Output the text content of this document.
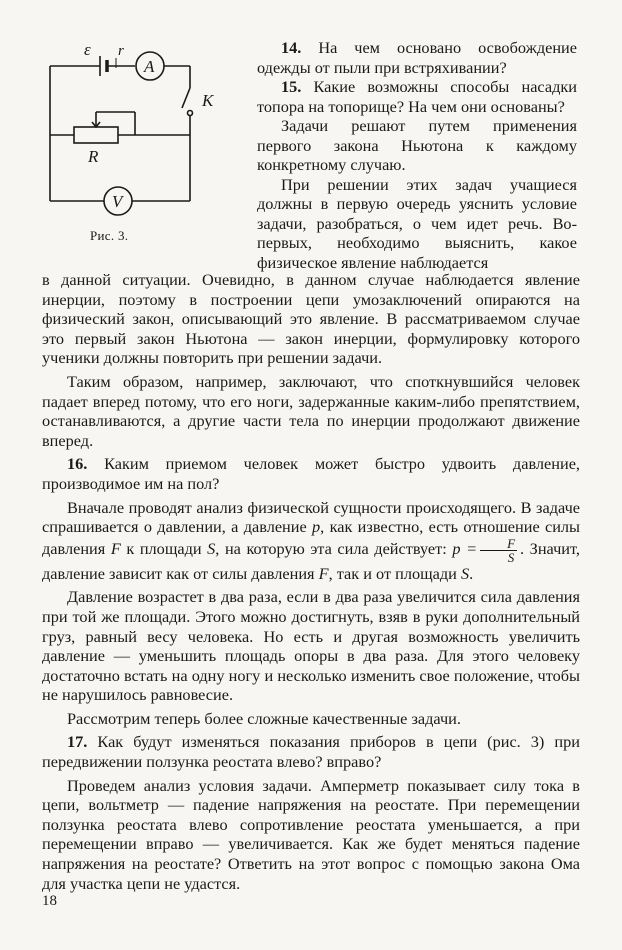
ε r
A
V
R
K
Рис. 3.

14. На чем основано освобождение одежды от пыли при встряхивании?

15. Какие возможны способы насадки топора на топорище? На чем они основаны?

Задачи решают путем применения первого закона Ньютона к каждому конкретному случаю.

При решении этих задач учащиеся должны в первую очередь уяснить условие задачи, разобраться, о чем идет речь. Во-первых, необходимо выяснить, какое физическое явление наблюдается

в данной ситуации. Очевидно, в данном случае наблюдается явление инерции, поэтому в построении цепи умозаключений опираются на физический закон, описывающий это явление. В рассматриваемом случае это первый закон Ньютона — закон инерции, формулировку которого ученики должны повторить при решении задачи.

Таким образом, например, заключают, что споткнувшийся человек падает вперед потому, что его ноги, задержанные каким-либо препятствием, останавливаются, а другие части тела по инерции продолжают движение вперед.

16. Каким приемом человек может быстро удвоить давление, производимое им на пол?

Вначале проводят анализ физической сущности происходящего. В задаче спрашивается о давлении, а давление p, как известно, есть отношение силы давления F к площади S, на которую эта сила действует: $p = \frac{F}{S}$ . Значит, давление зависит как от силы давления F, так и от площади S.

Давление возрастет в два раза, если в два раза увеличится сила давления при той же площади. Этого можно достигнуть, взяв в руки дополнительный груз, равный весу человека. Но есть и другая возможность увеличить давление — уменьшить площадь опоры в два раза. Для этого человеку достаточно встать на одну ногу и несколько изменить свое положение, чтобы не нарушилось равновесие.

Рассмотрим теперь более сложные качественные задачи.

17. Как будут изменяться показания приборов в цепи (рис. 3) при передвижении ползунка реостата влево? вправо?

Проведем анализ условия задачи. Амперметр показывает силу тока в цепи, вольтметр — падение напряжения на реостате. При перемещении ползунка реостата влево сопротивление реостата уменьшается, а при перемещении вправо — увеличивается. Как же будет меняться падение напряжения на реостате? Ответить на этот вопрос с помощью закона Ома для участка цепи не удастся.

18
